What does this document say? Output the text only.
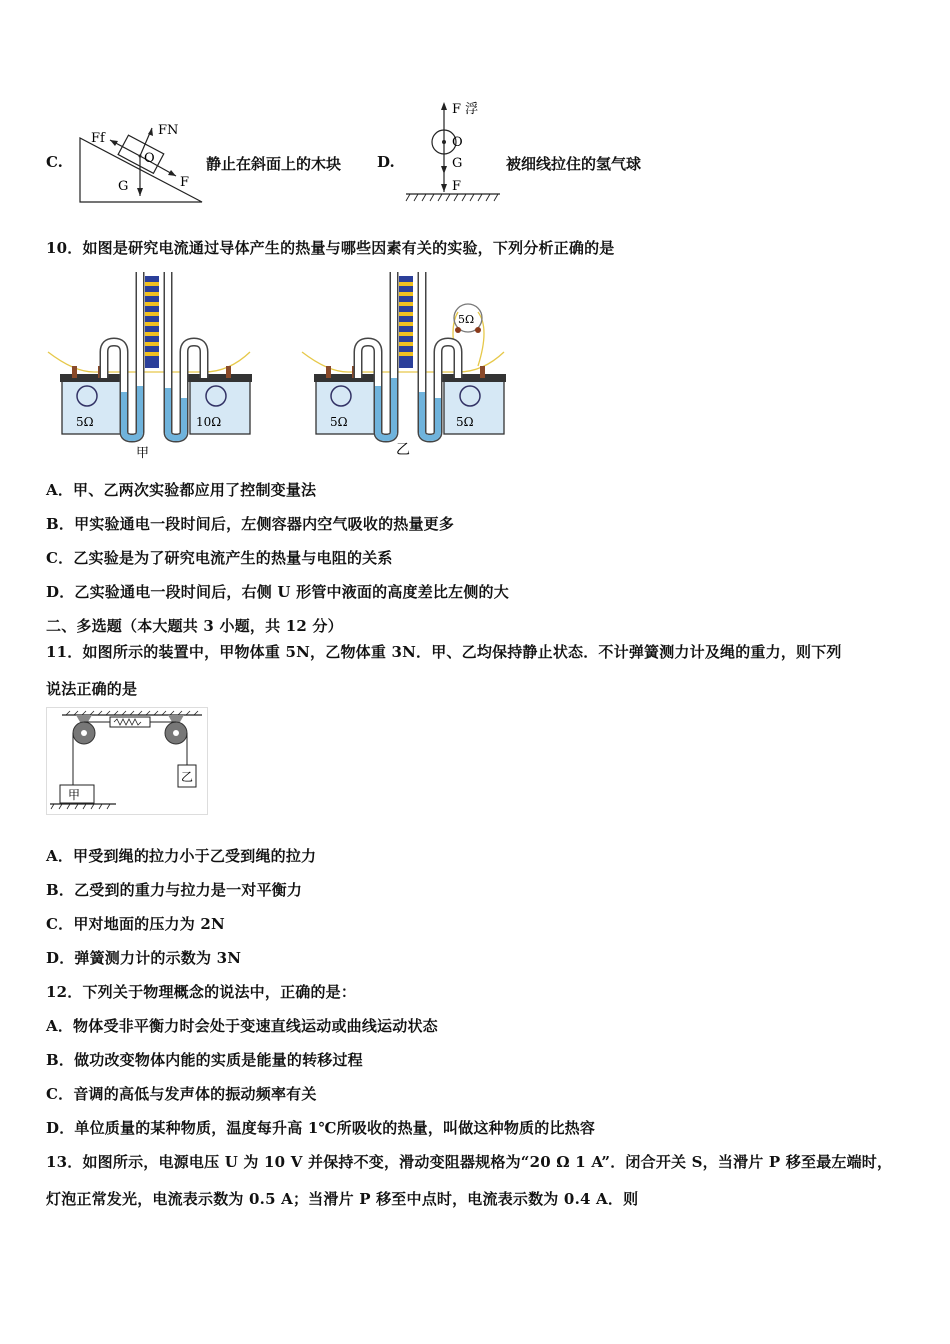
C.
Ff
FN
O
G	F
静止在斜面上的木块 D.
F 浮
O
G
F
被细线拉住的氢气球
10．如图是研究电流通过导体产生的热量与哪些因素有关的实验，下列分析正确的是
5Ω	10Ω
甲
5Ω
5Ω	5Ω
乙
A．甲、乙两次实验都应用了控制变量法
B．甲实验通电一段时间后，左侧容器内空气吸收的热量更多
C．乙实验是为了研究电流产生的热量与电阻的关系
D．乙实验通电一段时间后，右侧 U 形管中液面的高度差比左侧的大
二、多选题（本大题共 3 小题，共 12 分）
11．如图所示的装置中，甲物体重 5N，乙物体重 3N．甲、乙均保持静止状态．不计弹簧测力计及绳的重力，则下列
说法正确的是
甲
乙
A．甲受到绳的拉力小于乙受到绳的拉力
B．乙受到的重力与拉力是一对平衡力
C．甲对地面的压力为 2N
D．弹簧测力计的示数为 3N
12．下列关于物理概念的说法中，正确的是：
A．物体受非平衡力时会处于变速直线运动或曲线运动状态
B．做功改变物体内能的实质是能量的转移过程
C．音调的高低与发声体的振动频率有关
D．单位质量的某种物质，温度每升高 1℃所吸收的热量，叫做这种物质的比热容
13．如图所示，电源电压 U 为 10 V 并保持不变，滑动变阻器规格为“20 Ω 1 A”．闭合开关 S，当滑片 P 移至最左端时，
灯泡正常发光，电流表示数为 0.5 A；当滑片 P 移至中点时，电流表示数为 0.4 A．则
